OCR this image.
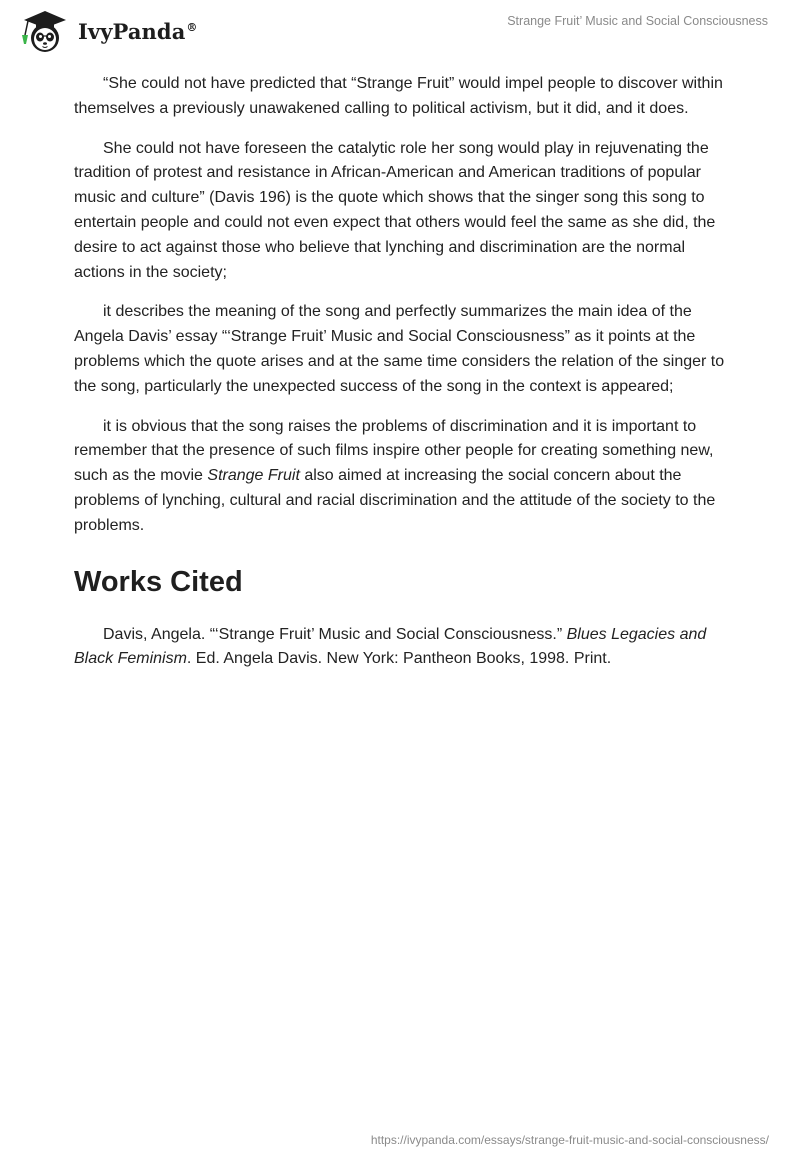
IvyPanda®	Strange Fruit’ Music and Social Consciousness

“She could not have predicted that “Strange Fruit” would impel people to discover within themselves a previously unawakened calling to political activism, but it did, and it does.

She could not have foreseen the catalytic role her song would play in rejuvenating the tradition of protest and resistance in African-American and American traditions of popular music and culture” (Davis 196) is the quote which shows that the singer song this song to entertain people and could not even expect that others would feel the same as she did, the desire to act against those who believe that lynching and discrimination are the normal actions in the society;

it describes the meaning of the song and perfectly summarizes the main idea of the Angela Davis’ essay “‘Strange Fruit’ Music and Social Consciousness” as it points at the problems which the quote arises and at the same time considers the relation of the singer to the song, particularly the unexpected success of the song in the context is appeared;

it is obvious that the song raises the problems of discrimination and it is important to remember that the presence of such films inspire other people for creating something new, such as the movie Strange Fruit also aimed at increasing the social concern about the problems of lynching, cultural and racial discrimination and the attitude of the society to the problems.

Works Cited

Davis, Angela. “‘Strange Fruit’ Music and Social Consciousness.” Blues Legacies and Black Feminism. Ed. Angela Davis. New York: Pantheon Books, 1998. Print.

https://ivypanda.com/essays/strange-fruit-music-and-social-consciousness/
